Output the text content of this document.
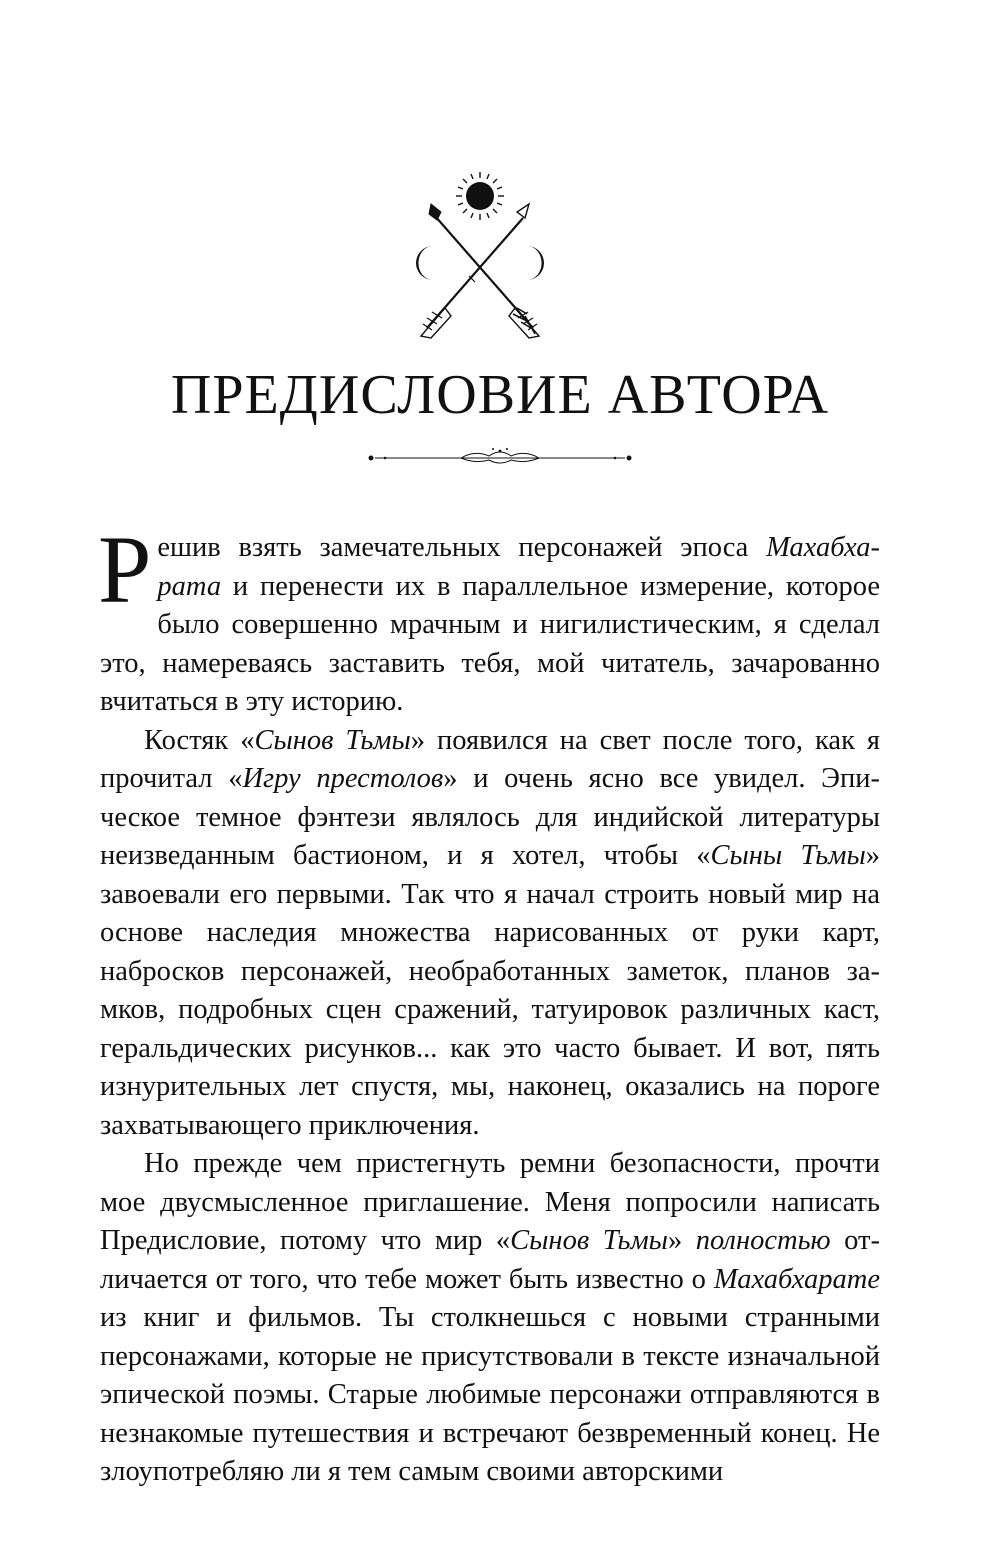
ПРЕДИСЛОВИЕ АВТОРА

Решив взять замечательных персонажей эпоса Махабхарата и перенести их в параллельное измерение, которое было совершенно мрачным и нигилистическим, я сделал это, намереваясь заставить тебя, мой читатель, зачарованно вчитаться в эту историю.

Костяк «Сынов Тьмы» появился на свет после того, как я прочитал «Игру престолов» и очень ясно все увидел. Эпическое темное фэнтези являлось для индийской литературы неизведанным бастионом, и я хотел, чтобы «Сыны Тьмы» завоевали его первыми. Так что я начал строить новый мир на основе наследия множества нарисованных от руки карт, набросков персонажей, необработанных заметок, планов замков, подробных сцен сражений, татуировок различных каст, геральдических рисунков... как это часто бывает. И вот, пять изнурительных лет спустя, мы, наконец, оказались на пороге захватывающего приключения.

Но прежде чем пристегнуть ремни безопасности, прочти мое двусмысленное приглашение. Меня попросили написать Предисловие, потому что мир «Сынов Тьмы» полностью отличается от того, что тебе может быть известно о Махабхарате из книг и фильмов. Ты столкнешься с новыми странными персонажами, которые не присутствовали в тексте изначальной эпической поэмы. Старые любимые персонажи отправляются в незнакомые путешествия и встречают безвременный конец. Не злоупотребляю ли я тем самым своими авторскими
